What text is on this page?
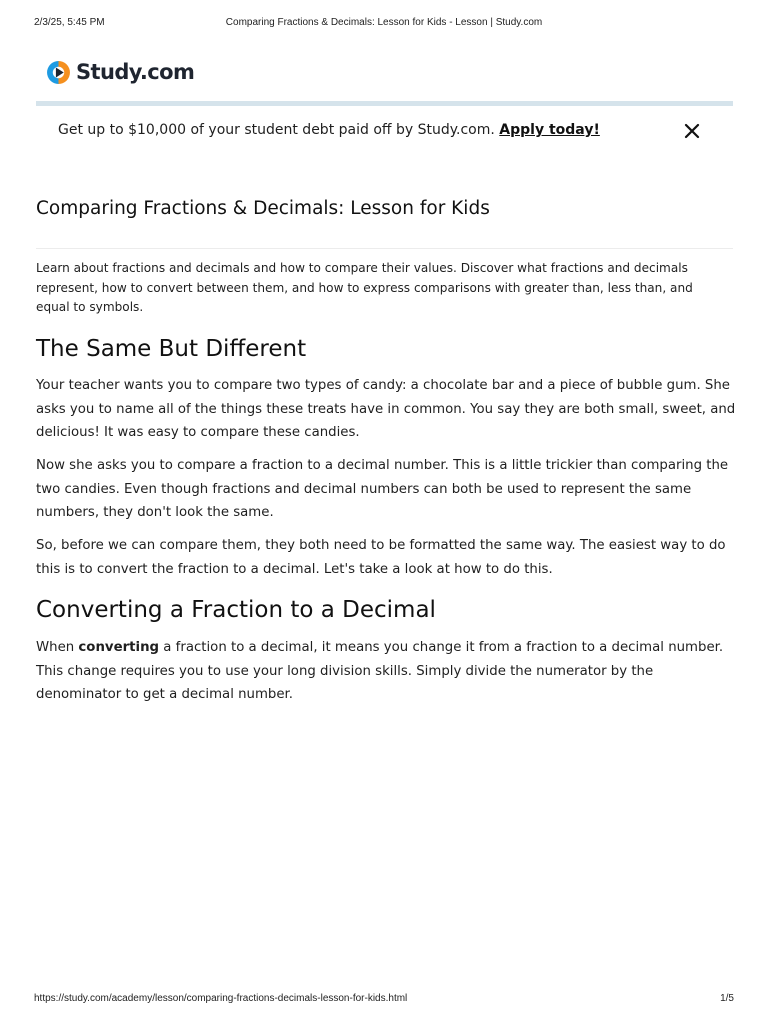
2/3/25, 5:45 PM	Comparing Fractions & Decimals: Lesson for Kids - Lesson | Study.com
Study.com
Get up to $10,000 of your student debt paid off by Study.com. Apply today!
Comparing Fractions & Decimals: Lesson for Kids

Learn about fractions and decimals and how to compare their values. Discover what fractions and decimals represent, how to convert between them, and how to express comparisons with greater than, less than, and equal to symbols.

The Same But Different

Your teacher wants you to compare two types of candy: a chocolate bar and a piece of bubble gum. She asks you to name all of the things these treats have in common. You say they are both small, sweet, and delicious! It was easy to compare these candies.

Now she asks you to compare a fraction to a decimal number. This is a little trickier than comparing the two candies. Even though fractions and decimal numbers can both be used to represent the same numbers, they don't look the same.

So, before we can compare them, they both need to be formatted the same way. The easiest way to do this is to convert the fraction to a decimal. Let's take a look at how to do this.

Converting a Fraction to a Decimal

When converting a fraction to a decimal, it means you change it from a fraction to a decimal number. This change requires you to use your long division skills. Simply divide the numerator by the denominator to get a decimal number.

https://study.com/academy/lesson/comparing-fractions-decimals-lesson-for-kids.html	1/5
